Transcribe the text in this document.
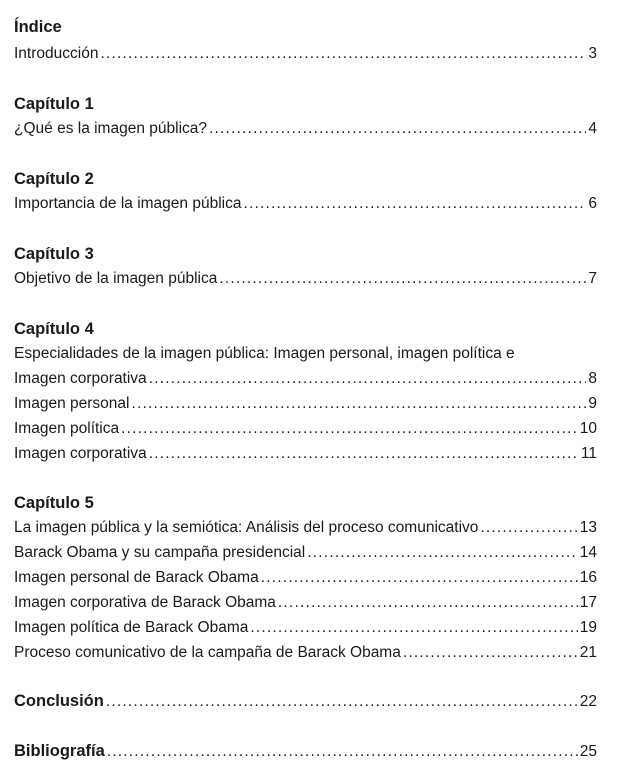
Índice
Introducción .....	3
Capítulo 1
¿Qué es la imagen pública? .....	4
Capítulo 2
Importancia de la imagen pública .....	6
Capítulo 3
Objetivo de la imagen pública .....	7
Capítulo 4
Especialidades de la imagen pública: Imagen personal, imagen política e
Imagen corporativa .....	8
Imagen personal .....	9
Imagen política .....	10
Imagen corporativa .....	11
Capítulo 5
La imagen pública y la semiótica: Análisis del proceso comunicativo .....	13
Barack Obama y su campaña presidencial .....	14
Imagen personal de Barack Obama .....	16
Imagen corporativa de Barack Obama .....	17
Imagen política de Barack Obama .....	19
Proceso comunicativo de la campaña de Barack Obama .....	21
Conclusión .....	22
Bibliografía .....	25
